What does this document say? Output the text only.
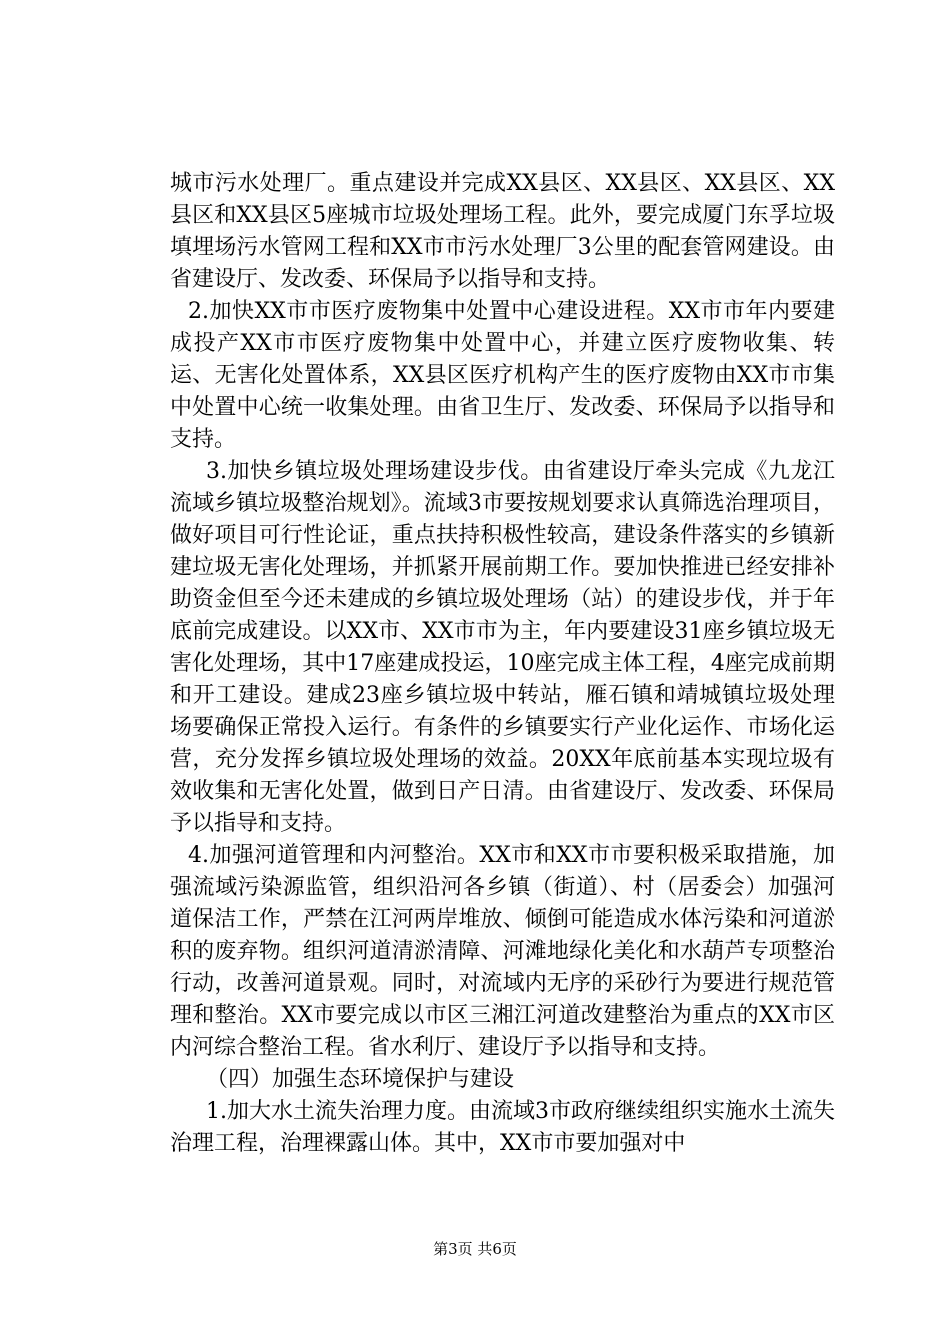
城市污水处理厂。重点建设并完成XX县区、XX县区、XX县区、XX县区和XX县区5座城市垃圾处理场工程。此外，要完成厦门东孚垃圾填埋场污水管网工程和XX市市污水处理厂3公里的配套管网建设。由省建设厅、发改委、环保局予以指导和支持。

2.加快XX市市医疗废物集中处置中心建设进程。XX市市年内要建成投产XX市市医疗废物集中处置中心，并建立医疗废物收集、转运、无害化处置体系，XX县区医疗机构产生的医疗废物由XX市市集中处置中心统一收集处理。由省卫生厅、发改委、环保局予以指导和支持。

3.加快乡镇垃圾处理场建设步伐。由省建设厅牵头完成《九龙江流域乡镇垃圾整治规划》。流域3市要按规划要求认真筛选治理项目，做好项目可行性论证，重点扶持积极性较高，建设条件落实的乡镇新建垃圾无害化处理场，并抓紧开展前期工作。要加快推进已经安排补助资金但至今还未建成的乡镇垃圾处理场（站）的建设步伐，并于年底前完成建设。以XX市、XX市市为主，年内要建设31座乡镇垃圾无害化处理场，其中17座建成投运，10座完成主体工程，4座完成前期和开工建设。建成23座乡镇垃圾中转站，雁石镇和靖城镇垃圾处理场要确保正常投入运行。有条件的乡镇要实行产业化运作、市场化运营，充分发挥乡镇垃圾处理场的效益。20XX年底前基本实现垃圾有效收集和无害化处置，做到日产日清。由省建设厅、发改委、环保局予以指导和支持。

4.加强河道管理和内河整治。XX市和XX市市要积极采取措施，加强流域污染源监管，组织沿河各乡镇（街道）、村（居委会）加强河道保洁工作，严禁在江河两岸堆放、倾倒可能造成水体污染和河道淤积的废弃物。组织河道清淤清障、河滩地绿化美化和水葫芦专项整治行动，改善河道景观。同时，对流域内无序的采砂行为要进行规范管理和整治。XX市要完成以市区三湘江河道改建整治为重点的XX市区内河综合整治工程。省水利厅、建设厅予以指导和支持。

（四）加强生态环境保护与建设

1.加大水土流失治理力度。由流域3市政府继续组织实施水土流失治理工程，治理裸露山体。其中，XX市市要加强对中

第3页 共6页
